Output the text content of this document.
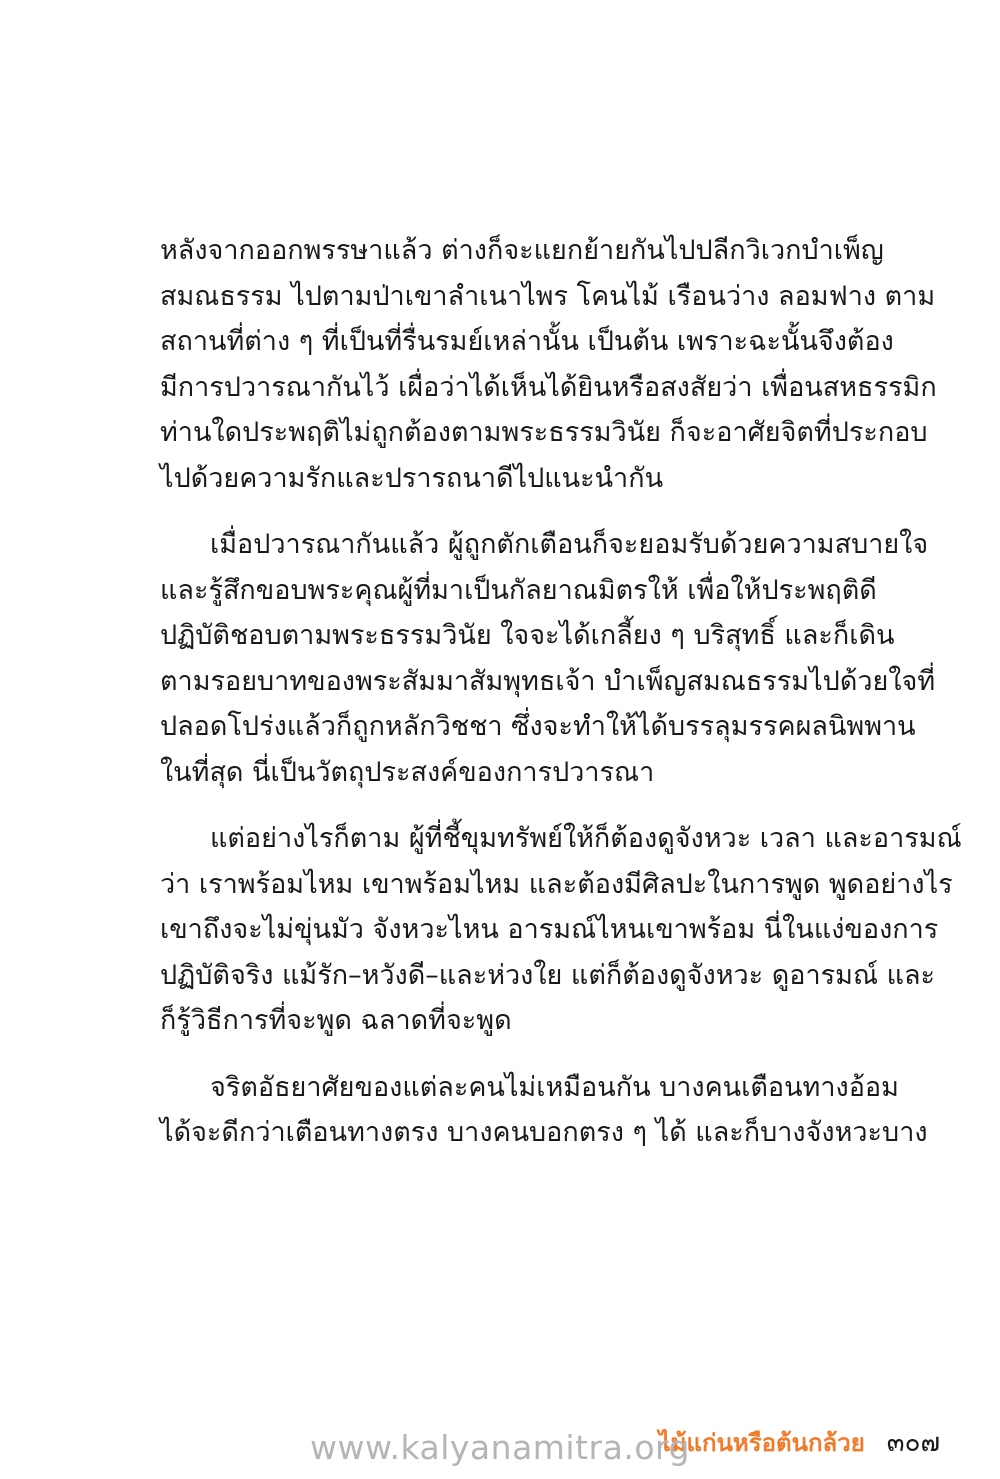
หลังจากออกพรรษาแล้ว ต่างก็จะแยกย้ายกันไปปลีกวิเวกบำเพ็ญ
สมณธรรม ไปตามป่าเขาลำเนาไพร โคนไม้ เรือนว่าง ลอมฟาง ตาม
สถานที่ต่าง ๆ ที่เป็นที่รื่นรมย์เหล่านั้น เป็นต้น เพราะฉะนั้นจึงต้อง
มีการปวารณากันไว้ เผื่อว่าได้เห็นได้ยินหรือสงสัยว่า เพื่อนสหธรรมิก
ท่านใดประพฤติไม่ถูกต้องตามพระธรรมวินัย ก็จะอาศัยจิตที่ประกอบ
ไปด้วยความรักและปรารถนาดีไปแนะนำกัน
เมื่อปวารณากันแล้ว ผู้ถูกตักเตือนก็จะยอมรับด้วยความสบายใจ
และรู้สึกขอบพระคุณผู้ที่มาเป็นกัลยาณมิตรให้ เพื่อให้ประพฤติดี
ปฏิบัติชอบตามพระธรรมวินัย ใจจะได้เกลี้ยง ๆ บริสุทธิ์ และก็เดิน
ตามรอยบาทของพระสัมมาสัมพุทธเจ้า บำเพ็ญสมณธรรมไปด้วยใจที่
ปลอดโปร่งแล้วก็ถูกหลักวิชชา ซึ่งจะทำให้ได้บรรลุมรรคผลนิพพาน
ในที่สุด นี่เป็นวัตถุประสงค์ของการปวารณา
แต่อย่างไรก็ตาม ผู้ที่ชี้ขุมทรัพย์ให้ก็ต้องดูจังหวะ เวลา และอารมณ์
ว่า เราพร้อมไหม เขาพร้อมไหม และต้องมีศิลปะในการพูด พูดอย่างไร
เขาถึงจะไม่ขุ่นมัว จังหวะไหน อารมณ์ไหนเขาพร้อม นี่ในแง่ของการ
ปฏิบัติจริง แม้รัก–หวังดี–และห่วงใย แต่ก็ต้องดูจังหวะ ดูอารมณ์ และ
ก็รู้วิธีการที่จะพูด ฉลาดที่จะพูด
จริตอัธยาศัยของแต่ละคนไม่เหมือนกัน บางคนเตือนทางอ้อม
ได้จะดีกว่าเตือนทางตรง บางคนบอกตรง ๆ ได้ และก็บางจังหวะบาง
ไม้แก่นหรือต้นกล้วย ๓๐๗
www.kalyanamitra.org
